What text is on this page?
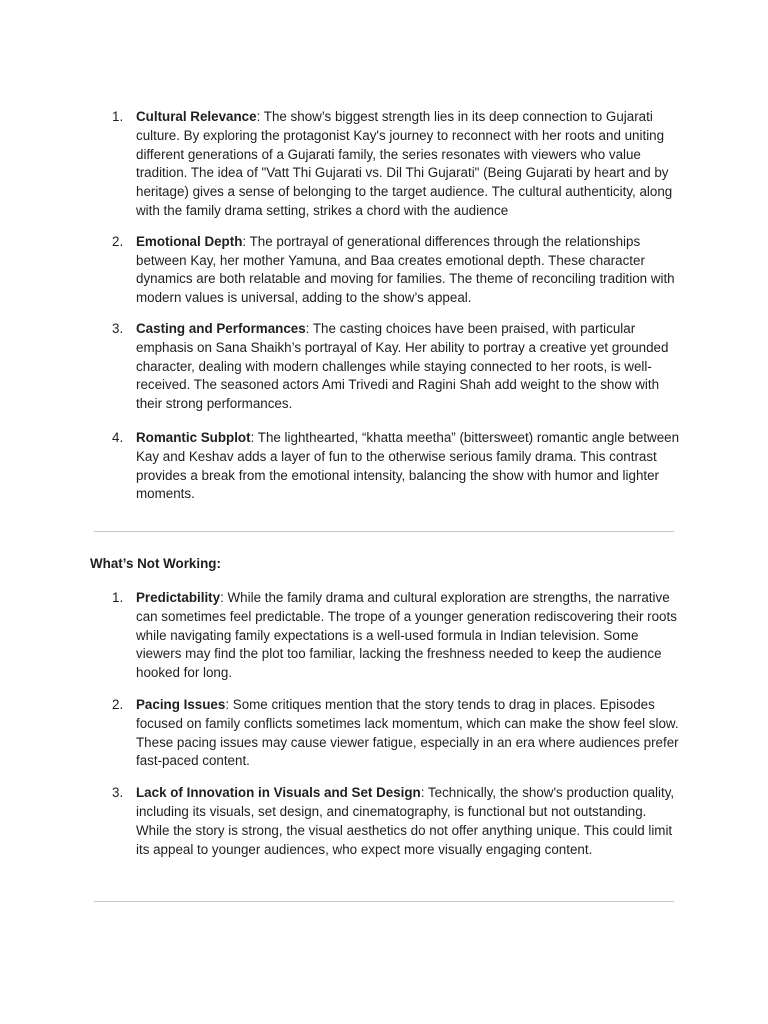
1. Cultural Relevance: The show’s biggest strength lies in its deep connection to Gujarati culture. By exploring the protagonist Kay's journey to reconnect with her roots and uniting different generations of a Gujarati family, the series resonates with viewers who value tradition. The idea of "Vatt Thi Gujarati vs. Dil Thi Gujarati" (Being Gujarati by heart and by heritage) gives a sense of belonging to the target audience. The cultural authenticity, along with the family drama setting, strikes a chord with the audience
2. Emotional Depth: The portrayal of generational differences through the relationships between Kay, her mother Yamuna, and Baa creates emotional depth. These character dynamics are both relatable and moving for families. The theme of reconciling tradition with modern values is universal, adding to the show’s appeal.
3. Casting and Performances: The casting choices have been praised, with particular emphasis on Sana Shaikh’s portrayal of Kay. Her ability to portray a creative yet grounded character, dealing with modern challenges while staying connected to her roots, is well-received. The seasoned actors Ami Trivedi and Ragini Shah add weight to the show with their strong performances.
4. Romantic Subplot: The lighthearted, “khatta meetha” (bittersweet) romantic angle between Kay and Keshav adds a layer of fun to the otherwise serious family drama. This contrast provides a break from the emotional intensity, balancing the show with humor and lighter moments.
What’s Not Working:
1. Predictability: While the family drama and cultural exploration are strengths, the narrative can sometimes feel predictable. The trope of a younger generation rediscovering their roots while navigating family expectations is a well-used formula in Indian television. Some viewers may find the plot too familiar, lacking the freshness needed to keep the audience hooked for long.
2. Pacing Issues: Some critiques mention that the story tends to drag in places. Episodes focused on family conflicts sometimes lack momentum, which can make the show feel slow. These pacing issues may cause viewer fatigue, especially in an era where audiences prefer fast-paced content.
3. Lack of Innovation in Visuals and Set Design: Technically, the show's production quality, including its visuals, set design, and cinematography, is functional but not outstanding. While the story is strong, the visual aesthetics do not offer anything unique. This could limit its appeal to younger audiences, who expect more visually engaging content.
